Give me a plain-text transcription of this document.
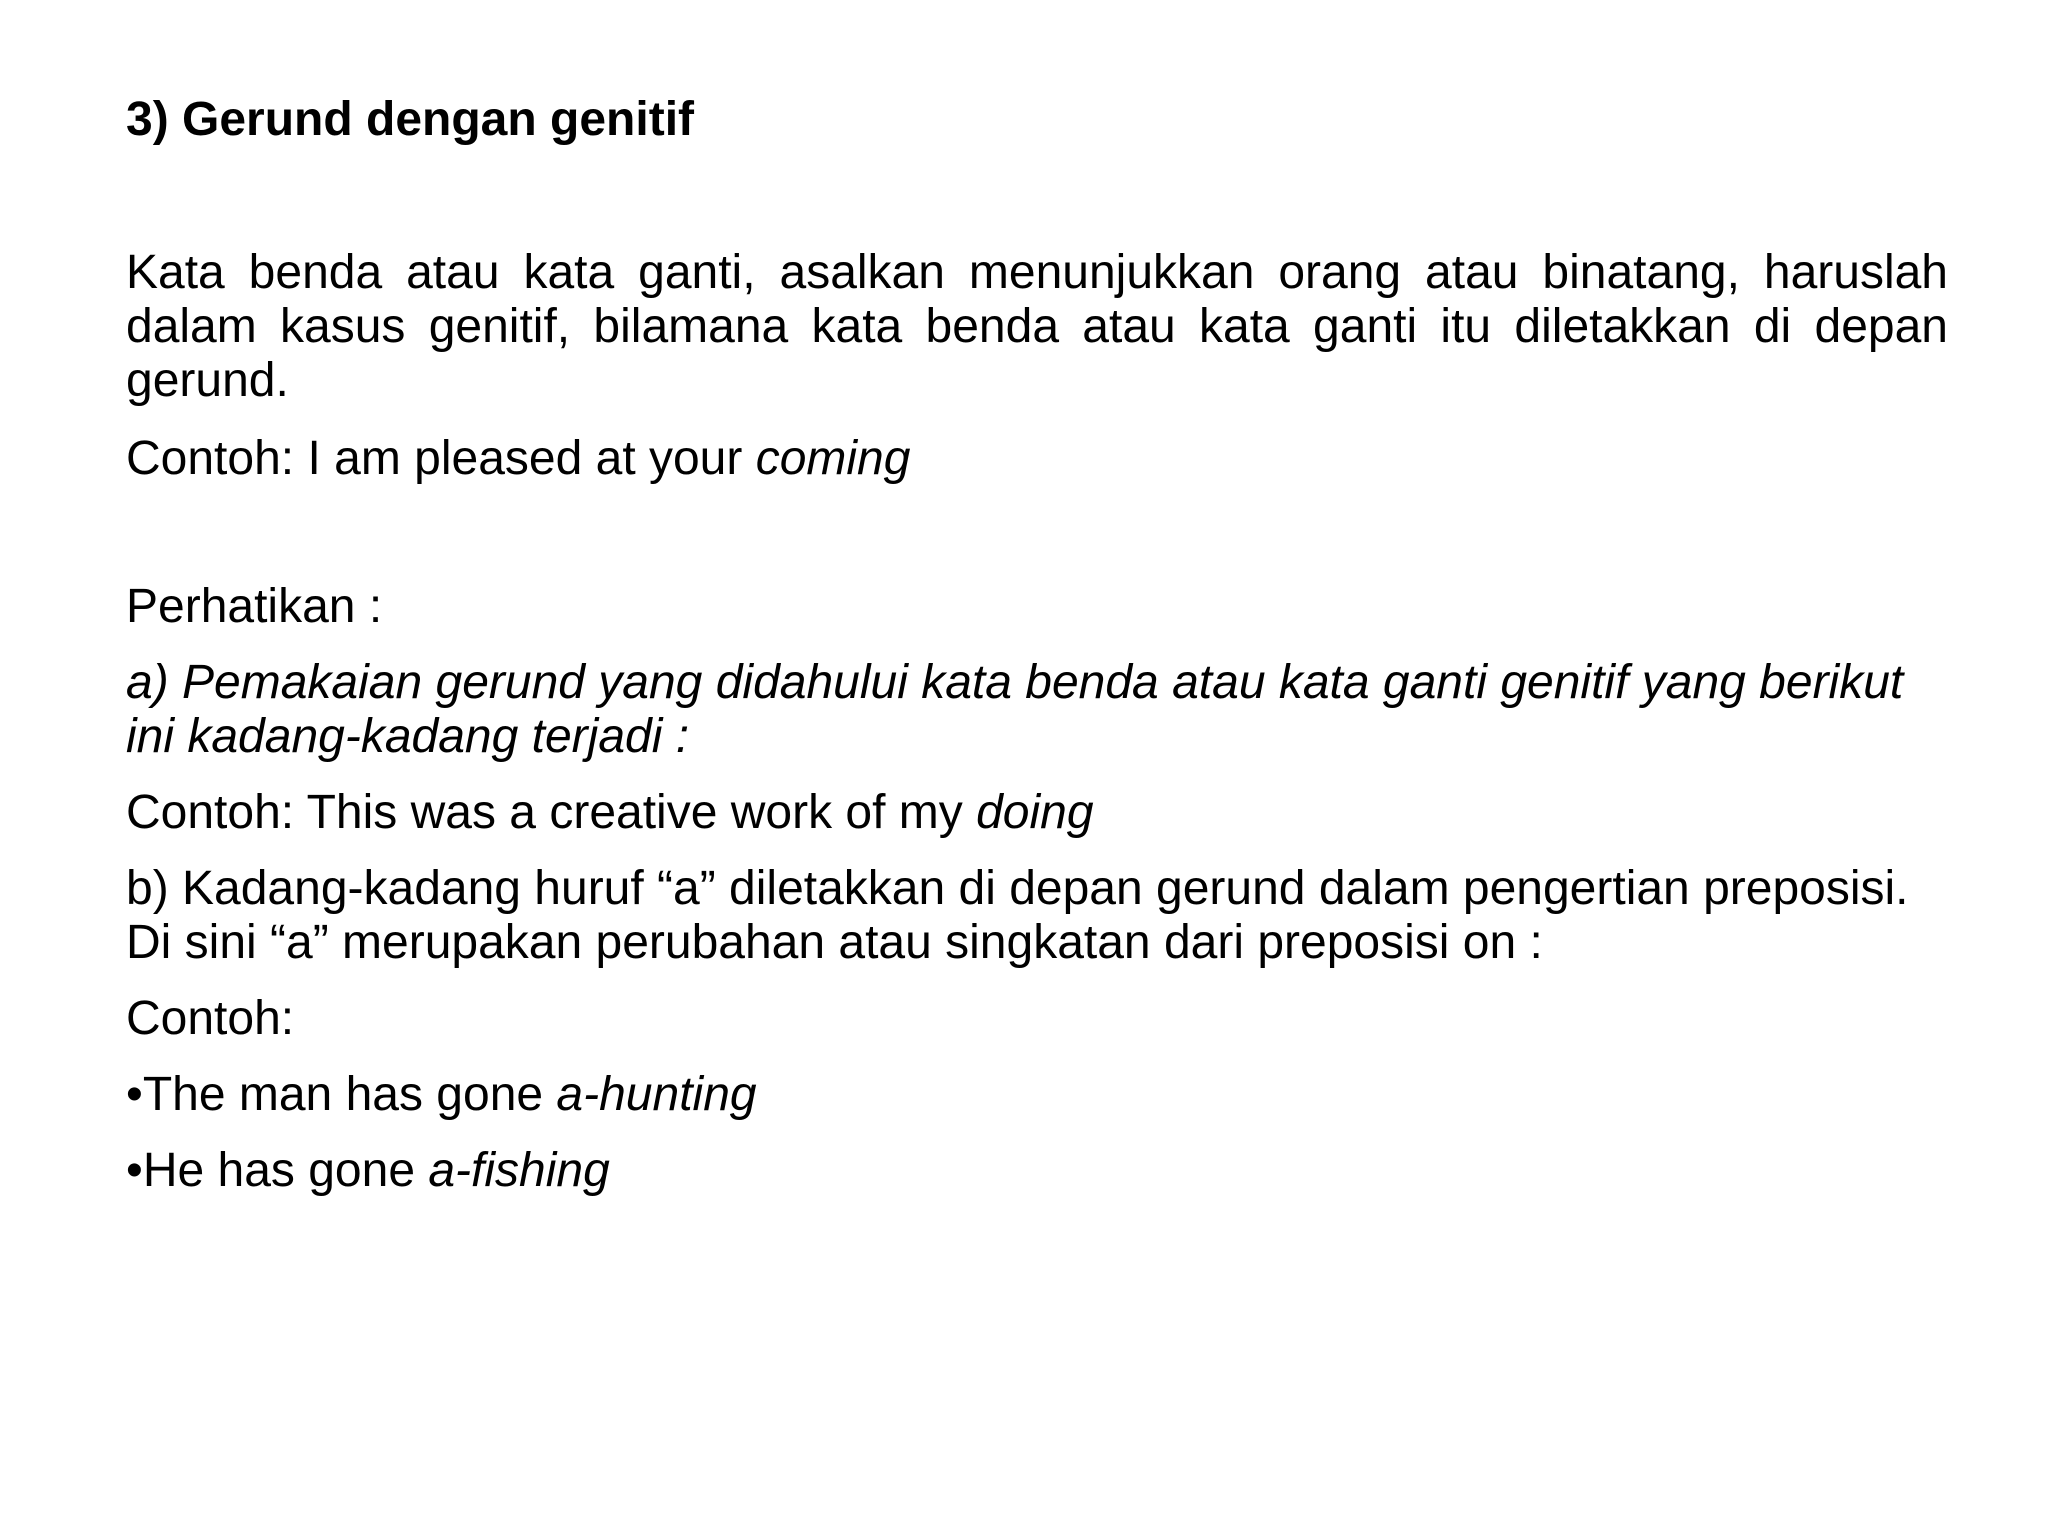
3) Gerund dengan genitif

Kata benda atau kata ganti, asalkan menunjukkan orang atau binatang, haruslah dalam kasus genitif, bilamana kata benda atau kata ganti itu diletakkan di depan gerund.

Contoh: I am pleased at your coming

Perhatikan :

a) Pemakaian gerund yang didahului kata benda atau kata ganti genitif yang berikut ini kadang-kadang terjadi :

Contoh: This was a creative work of my doing

b) Kadang-kadang huruf “a” diletakkan di depan gerund dalam pengertian preposisi. Di sini “a” merupakan perubahan atau singkatan dari preposisi on :

Contoh:

•The man has gone a-hunting

•He has gone a-fishing
